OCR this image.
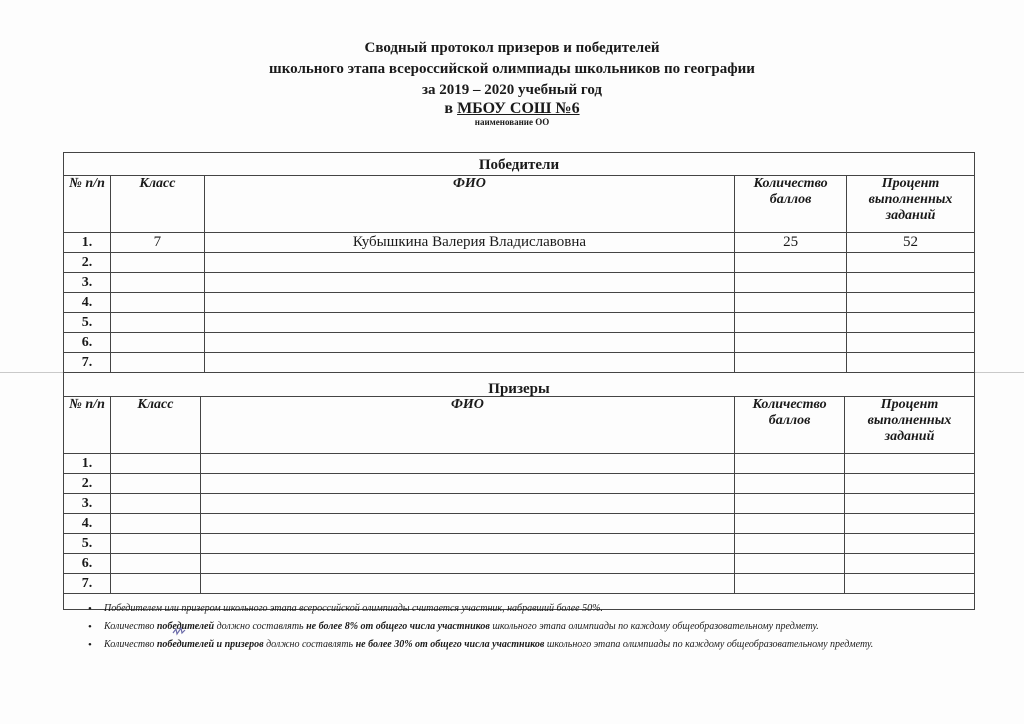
Сводный протокол призеров и победителей
школьного этапа всероссийской олимпиады школьников по географии
за 2019 – 2020 учебный год
в МБОУ СОШ №6
наименование ОО
Победители
№ п/п	Класс	ФИО	Количество баллов	Процент выполненных заданий
1.	7	Кубышкина Валерия Владиславовна	25	52
2.				
3.				
4.				
5.				
6.				
7.				
Призеры
№ п/п	Класс	ФИО	Количество баллов	Процент выполненных заданий
1.				
2.				
3.				
4.				
5.				
6.				
7.				
• Победителем или призером школьного этапа всероссийской олимпиады считается участник, набравший более 50%.
• Количество победителей должно составлять не более 8% от общего числа участников школьного этапа олимпиады по каждому общеобразовательному предмету.
• Количество победителей и призеров должно составлять не более 30% от общего числа участников школьного этапа олимпиады по каждому общеобразовательному предмету.
